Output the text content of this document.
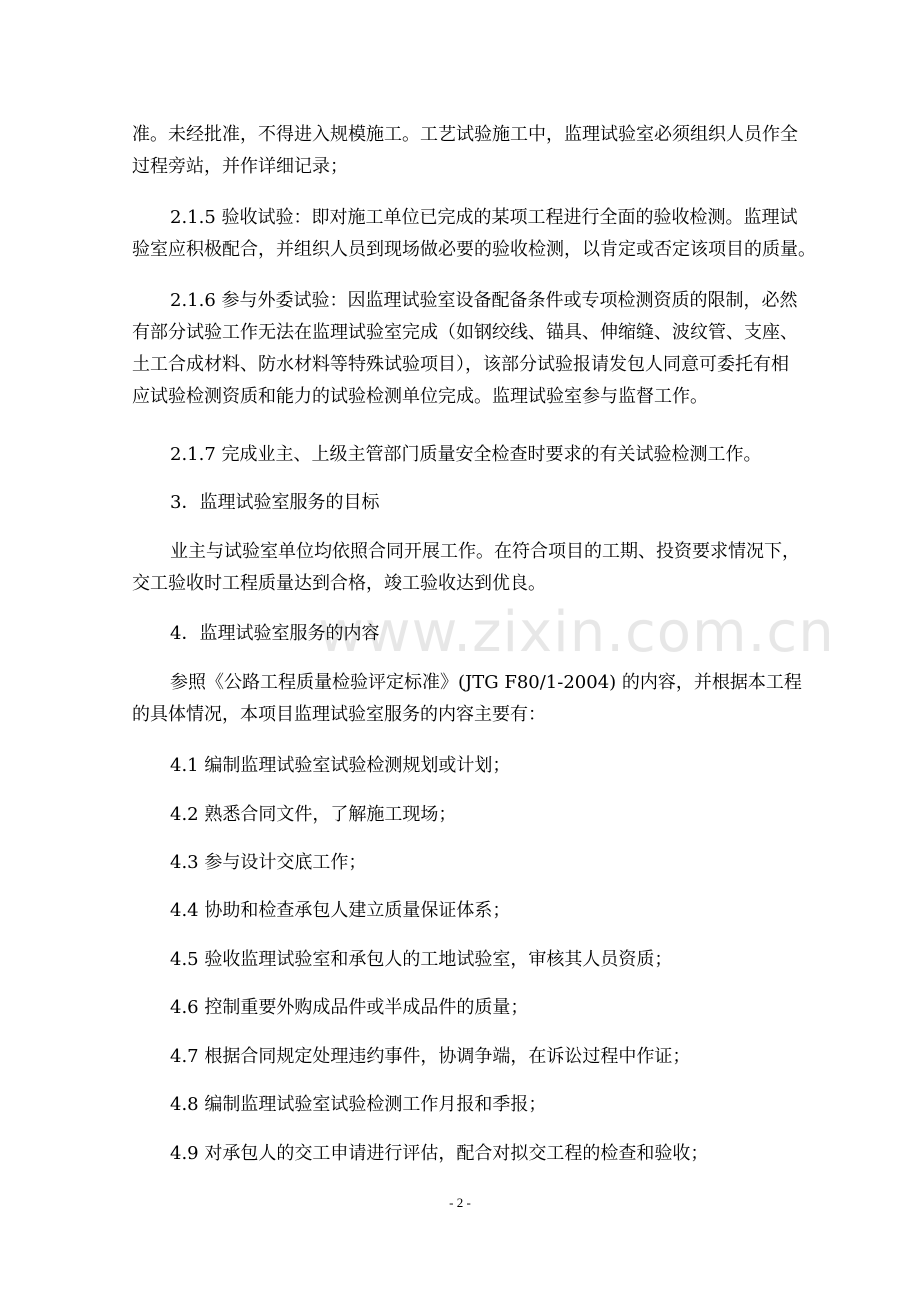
准。未经批准，不得进入规模施工。工艺试验施工中，监理试验室必须组织人员作全
过程旁站，并作详细记录；

2.1.5 验收试验：即对施工单位已完成的某项工程进行全面的验收检测。监理试
验室应积极配合，并组织人员到现场做必要的验收检测，以肯定或否定该项目的质量。

2.1.6 参与外委试验：因监理试验室设备配备条件或专项检测资质的限制，必然
有部分试验工作无法在监理试验室完成（如钢绞线、锚具、伸缩缝、波纹管、支座、
土工合成材料、防水材料等特殊试验项目），该部分试验报请发包人同意可委托有相
应试验检测资质和能力的试验检测单位完成。监理试验室参与监督工作。

2.1.7 完成业主、上级主管部门质量安全检查时要求的有关试验检测工作。

3．监理试验室服务的目标

业主与试验室单位均依照合同开展工作。在符合项目的工期、投资要求情况下，
交工验收时工程质量达到合格，竣工验收达到优良。

4．监理试验室服务的内容

参照《公路工程质量检验评定标准》(JTG F80/1-2004) 的内容，并根据本工程
的具体情况，本项目监理试验室服务的内容主要有：

4.1 编制监理试验室试验检测规划或计划；

4.2 熟悉合同文件，了解施工现场；

4.3 参与设计交底工作；

4.4 协助和检查承包人建立质量保证体系；

4.5 验收监理试验室和承包人的工地试验室，审核其人员资质；

4.6 控制重要外购成品件或半成品件的质量；

4.7 根据合同规定处理违约事件，协调争端，在诉讼过程中作证；

4.8 编制监理试验室试验检测工作月报和季报；

4.9 对承包人的交工申请进行评估，配合对拟交工程的检查和验收；

www.zixin.com.cn
- 2 -
